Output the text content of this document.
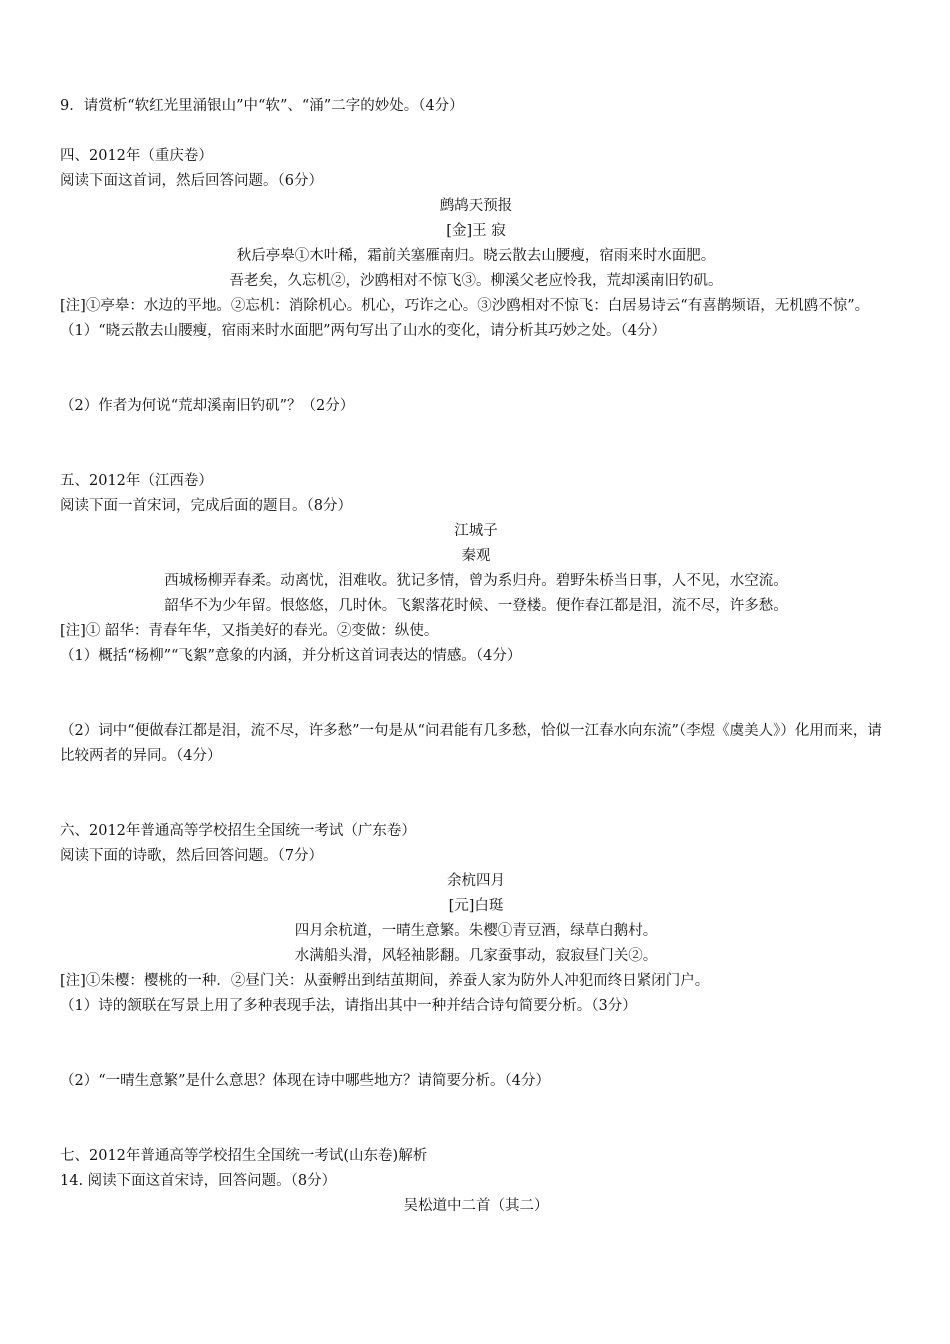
9．请赏析“软红光里涌银山”中“软”、“涌”二字的妙处。（4分）
四、2012年（重庆卷）
阅读下面这首词，然后回答问题。（6分）
鹧鸪天预报
[金]王 寂
秋后亭皋①木叶稀，霜前关塞雁南归。晓云散去山腰瘦，宿雨来时水面肥。
吾老矣，久忘机②，沙鸥相对不惊飞③。柳溪父老应怜我，荒却溪南旧钓矶。
[注]①亭皋：水边的平地。②忘机：消除机心。机心，巧诈之心。③沙鸥相对不惊飞：白居易诗云“有喜鹊频语，无机鸥不惊”。
（1）“晓云散去山腰瘦，宿雨来时水面肥”两句写出了山水的变化，请分析其巧妙之处。（4分）
（2）作者为何说“荒却溪南旧钓矶”？（2分）
五、2012年（江西卷）
阅读下面一首宋词，完成后面的题目。（8分）
江城子
秦观
西城杨柳弄春柔。动离忧，泪难收。犹记多情，曾为系归舟。碧野朱桥当日事，人不见，水空流。
韶华不为少年留。恨悠悠，几时休。飞絮落花时候、一登楼。便作春江都是泪，流不尽，许多愁。
[注]① 韶华：青春年华，又指美好的春光。②变做：纵使。
（1）概括“杨柳”“飞絮”意象的内涵，并分析这首词表达的情感。（4分）
（2）词中“便做春江都是泪，流不尽，许多愁”一句是从“问君能有几多愁，恰似一江春水向东流”（李煜《虞美人》）化用而来，请比较两者的异同。（4分）
六、2012年普通高等学校招生全国统一考试（广东卷）
阅读下面的诗歌，然后回答问题。（7分）
余杭四月
[元]白珽
四月余杭道，一晴生意繁。朱樱①青豆酒，绿草白鹅村。
水满船头滑，风轻袖影翻。几家蚕事动，寂寂昼门关②。
[注]①朱樱：樱桃的一种．②昼门关：从蚕孵出到结茧期间，养蚕人家为防外人冲犯而终日紧闭门户。
（1）诗的颔联在写景上用了多种表现手法，请指出其中一种并结合诗句简要分析。（3分）
（2）“一晴生意繁”是什么意思？体现在诗中哪些地方？请简要分析。（4分）
七、2012年普通高等学校招生全国统一考试(山东卷)解析
14. 阅读下面这首宋诗，回答问题。（8分）
吴松道中二首（其二）
